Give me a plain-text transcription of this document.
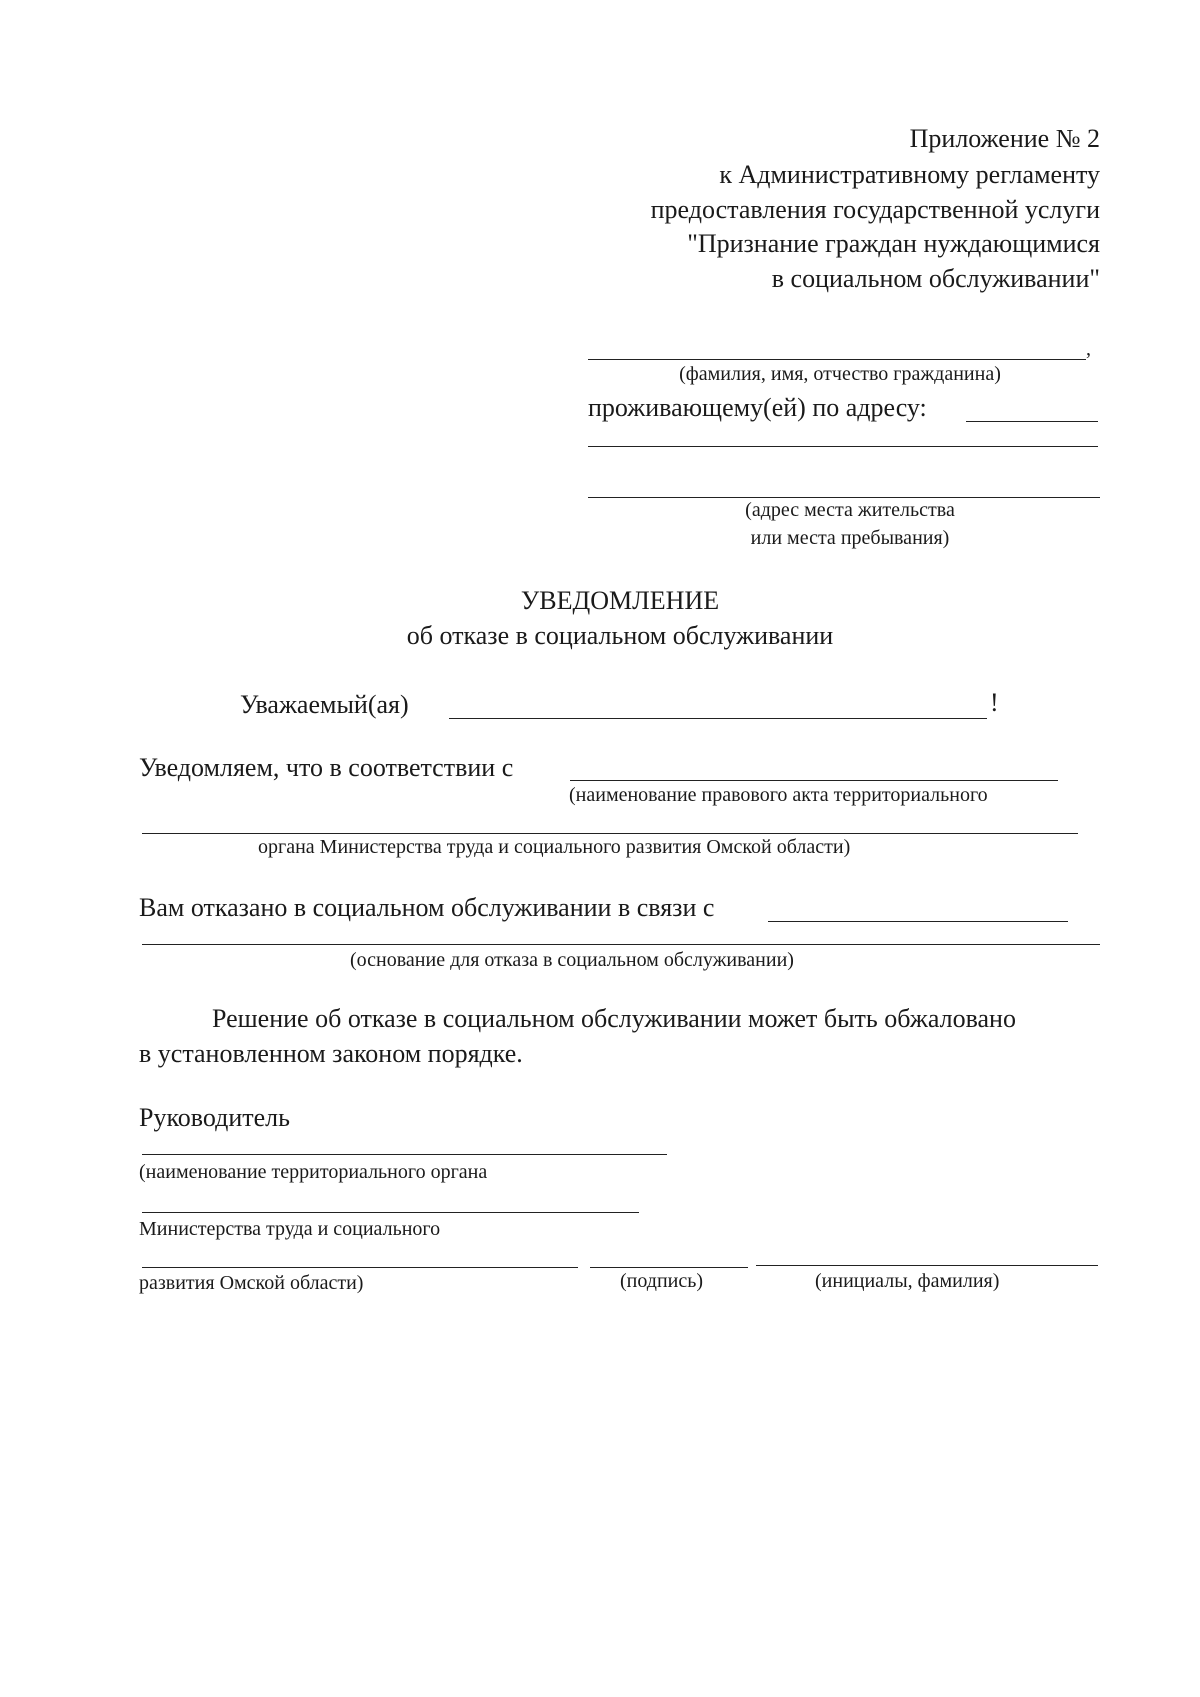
Приложение № 2
к Административному регламенту
предоставления государственной услуги
"Признание граждан нуждающимися
в социальном обслуживании"
,
(фамилия, имя, отчество гражданина)
проживающему(ей) по адресу:
(адрес места жительства
или места пребывания)
УВЕДОМЛЕНИЕ
об отказе в социальном обслуживании
Уважаемый(ая)	!
Уведомляем, что в соответствии с
(наименование правового акта территориального
органа Министерства труда и социального развития Омской области)
Вам отказано в социальном обслуживании в связи с
(основание для отказа в социальном обслуживании)
Решение об отказе в социальном обслуживании может быть обжаловано
в установленном законом порядке.
Руководитель
(наименование территориального органа
Министерства труда и социального
развития Омской области)	(подпись)	(инициалы, фамилия)
